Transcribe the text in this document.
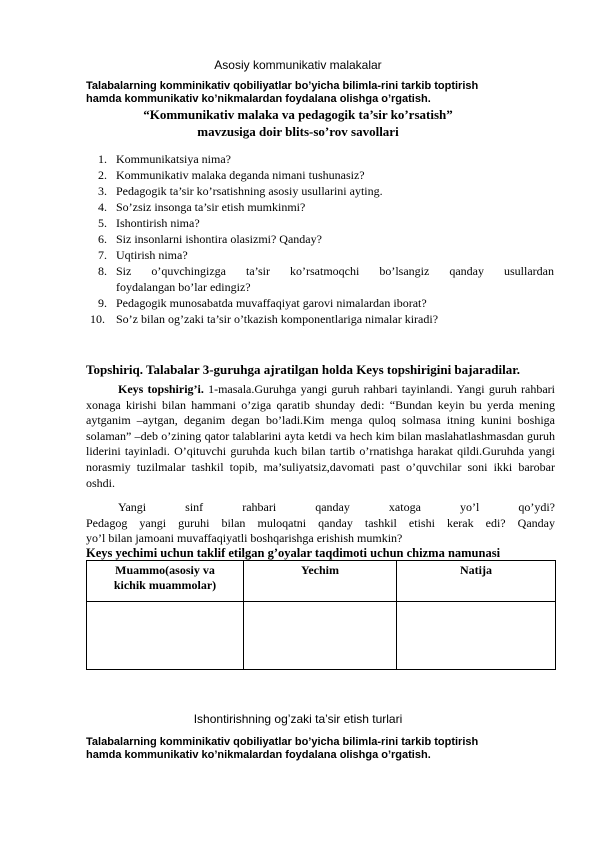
Asosiy kommunikativ malakalar
Talabalarning komminikativ qobiliyatlar bo’yicha bilimla-rini tarkib toptirish
hamda kommunikativ ko’nikmalardan foydalana olishga o’rgatish.
“Kommunikativ malaka va pedagogik ta’sir ko’rsatish”
mavzusiga doir blits-so’rov savollari
1. Kommunikatsiya nima?
2. Kommunikativ malaka deganda nimani tushunasiz?
3. Pedagogik ta’sir ko’rsatishning asosiy usullarini ayting.
4. So’zsiz insonga ta’sir etish mumkinmi?
5. Ishontirish nima?
6. Siz insonlarni ishontira olasizmi? Qanday?
7. Uqtirish nima?
8. Siz o’quvchingizga ta’sir ko’rsatmoqchi bo’lsangiz qanday usullardan
foydalangan bo’lar edingiz?
9. Pedagogik munosabatda muvaffaqiyat garovi nimalardan iborat?
10. So’z bilan og’zaki ta’sir o’tkazish komponentlariga nimalar kiradi?
Topshiriq. Talabalar 3-guruhga ajratilgan holda Keys topshirigini bajaradilar.
Keys topshirig’i. 1-masala.Guruhga yangi guruh rahbari tayinlandi. Yangi guruh rahbari xonaga kirishi bilan hammani o’ziga qaratib shunday dedi: “Bundan keyin bu yerda mening aytganim –aytgan, deganim degan bo’ladi.Kim menga quloq solmasa itning kunini boshiga solaman” –deb o’zining qator talablarini ayta ketdi va hech kim bilan maslahatlashmasdan guruh liderini tayinladi. O’qituvchi guruhda kuch bilan tartib o’rnatishga harakat qildi.Guruhda yangi norasmiy tuzilmalar tashkil topib, ma’suliyatsiz,davomati past o’quvchilar soni ikki barobar oshdi.
Yangi sinf rahbari qanday xatoga yo’l qo’ydi?
Pedagog yangi guruhi bilan muloqatni qanday tashkil etishi kerak edi? Qanday
yo’l bilan jamoani muvaffaqiyatli boshqarishga erishish mumkin?
Keys yechimi uchun taklif etilgan g’oyalar taqdimoti uchun chizma namunasi
Muammo(asosiy va
kichik muammolar)	Yechim	Natija

Ishontirishning og’zaki ta’sir etish turlari
Talabalarning komminikativ qobiliyatlar bo’yicha bilimla-rini tarkib toptirish
hamda kommunikativ ko’nikmalardan foydalana olishga o’rgatish.
